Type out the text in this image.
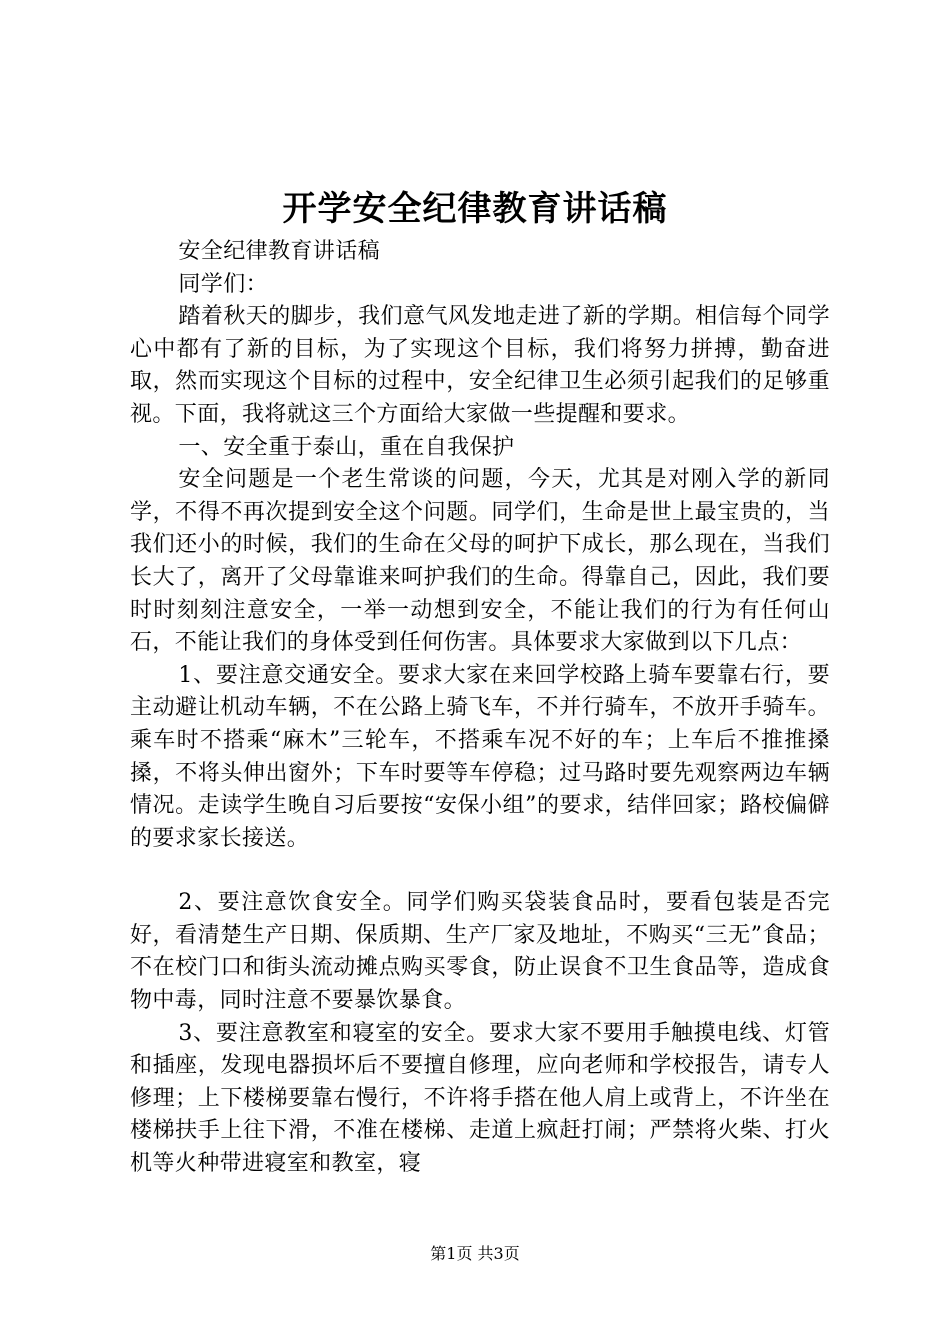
开学安全纪律教育讲话稿

安全纪律教育讲话稿

同学们：

踏着秋天的脚步，我们意气风发地走进了新的学期。相信每个同学心中都有了新的目标，为了实现这个目标，我们将努力拼搏，勤奋进取，然而实现这个目标的过程中，安全纪律卫生必须引起我们的足够重视。下面，我将就这三个方面给大家做一些提醒和要求。

一、安全重于泰山，重在自我保护

安全问题是一个老生常谈的问题，今天，尤其是对刚入学的新同学，不得不再次提到安全这个问题。同学们，生命是世上最宝贵的，当我们还小的时候，我们的生命在父母的呵护下成长，那么现在，当我们长大了，离开了父母靠谁来呵护我们的生命。得靠自己，因此，我们要时时刻刻注意安全，一举一动想到安全，不能让我们的行为有任何山石，不能让我们的身体受到任何伤害。具体要求大家做到以下几点：

1、要注意交通安全。要求大家在来回学校路上骑车要靠右行，要主动避让机动车辆，不在公路上骑飞车，不并行骑车，不放开手骑车。乘车时不搭乘“麻木”三轮车，不搭乘车况不好的车；上车后不推推搡搡，不将头伸出窗外；下车时要等车停稳；过马路时要先观察两边车辆情况。走读学生晚自习后要按“安保小组”的要求，结伴回家；路校偏僻的要求家长接送。

2、要注意饮食安全。同学们购买袋装食品时，要看包装是否完好，看清楚生产日期、保质期、生产厂家及地址，不购买“三无”食品；不在校门口和街头流动摊点购买零食，防止误食不卫生食品等，造成食物中毒，同时注意不要暴饮暴食。

3、要注意教室和寝室的安全。要求大家不要用手触摸电线、灯管和插座，发现电器损坏后不要擅自修理，应向老师和学校报告，请专人修理；上下楼梯要靠右慢行，不许将手搭在他人肩上或背上，不许坐在楼梯扶手上往下滑，不准在楼梯、走道上疯赶打闹；严禁将火柴、打火机等火种带进寝室和教室，寝

第1页 共3页
